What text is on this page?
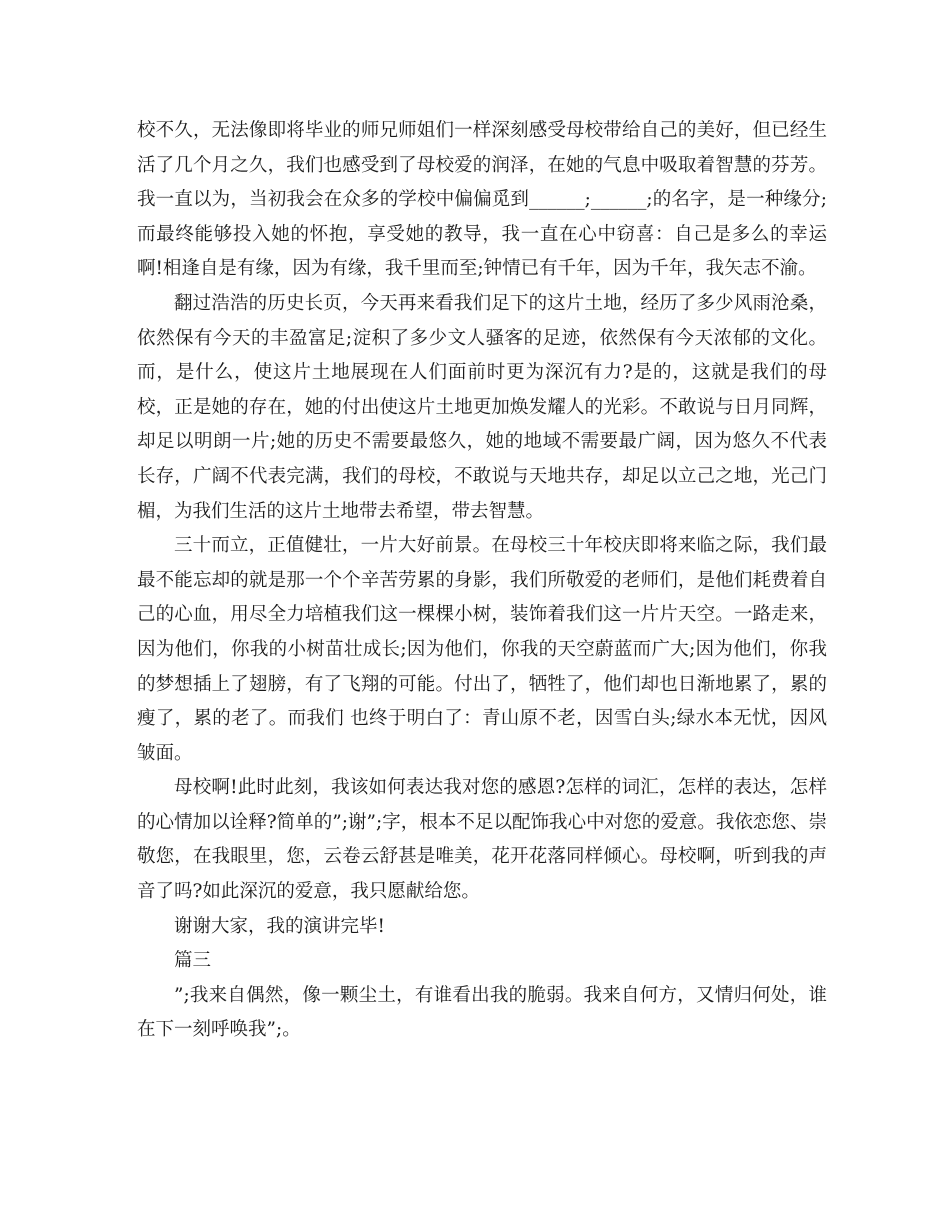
校不久，无法像即将毕业的师兄师姐们一样深刻感受母校带给自己的美好，但已经生活了几个月之久，我们也感受到了母校爱的润泽，在她的气息中吸取着智慧的芬芳。我一直以为，当初我会在众多的学校中偏偏觅到______;______;的名字，是一种缘分;而最终能够投入她的怀抱，享受她的教导，我一直在心中窃喜：自己是多么的幸运啊!相逢自是有缘，因为有缘，我千里而至;钟情已有千年，因为千年，我矢志不渝。

翻过浩浩的历史长页，今天再来看我们足下的这片土地，经历了多少风雨沧桑，依然保有今天的丰盈富足;淀积了多少文人骚客的足迹，依然保有今天浓郁的文化。而，是什么，使这片土地展现在人们面前时更为深沉有力?是的，这就是我们的母校，正是她的存在，她的付出使这片土地更加焕发耀人的光彩。不敢说与日月同辉，却足以明朗一片;她的历史不需要最悠久，她的地域不需要最广阔，因为悠久不代表长存，广阔不代表完满，我们的母校，不敢说与天地共存，却足以立己之地，光己门楣，为我们生活的这片土地带去希望，带去智慧。

三十而立，正值健壮，一片大好前景。在母校三十年校庆即将来临之际，我们最最不能忘却的就是那一个个辛苦劳累的身影，我们所敬爱的老师们，是他们耗费着自己的心血，用尽全力培植我们这一棵棵小树，装饰着我们这一片片天空。一路走来，因为他们，你我的小树苗壮成长;因为他们，你我的天空蔚蓝而广大;因为他们，你我的梦想插上了翅膀，有了飞翔的可能。付出了，牺牲了，他们却也日渐地累了，累的瘦了，累的老了。而我们 也终于明白了：青山原不老，因雪白头;绿水本无忧，因风皱面。

母校啊!此时此刻，我该如何表达我对您的感恩?怎样的词汇，怎样的表达，怎样的心情加以诠释?简单的”;谢”;字，根本不足以配饰我心中对您的爱意。我依恋您、崇敬您，在我眼里，您，云卷云舒甚是唯美，花开花落同样倾心。母校啊，听到我的声音了吗?如此深沉的爱意，我只愿献给您。

谢谢大家，我的演讲完毕!

篇三

”;我来自偶然，像一颗尘土，有谁看出我的脆弱。我来自何方，又情归何处，谁在下一刻呼唤我”;。
